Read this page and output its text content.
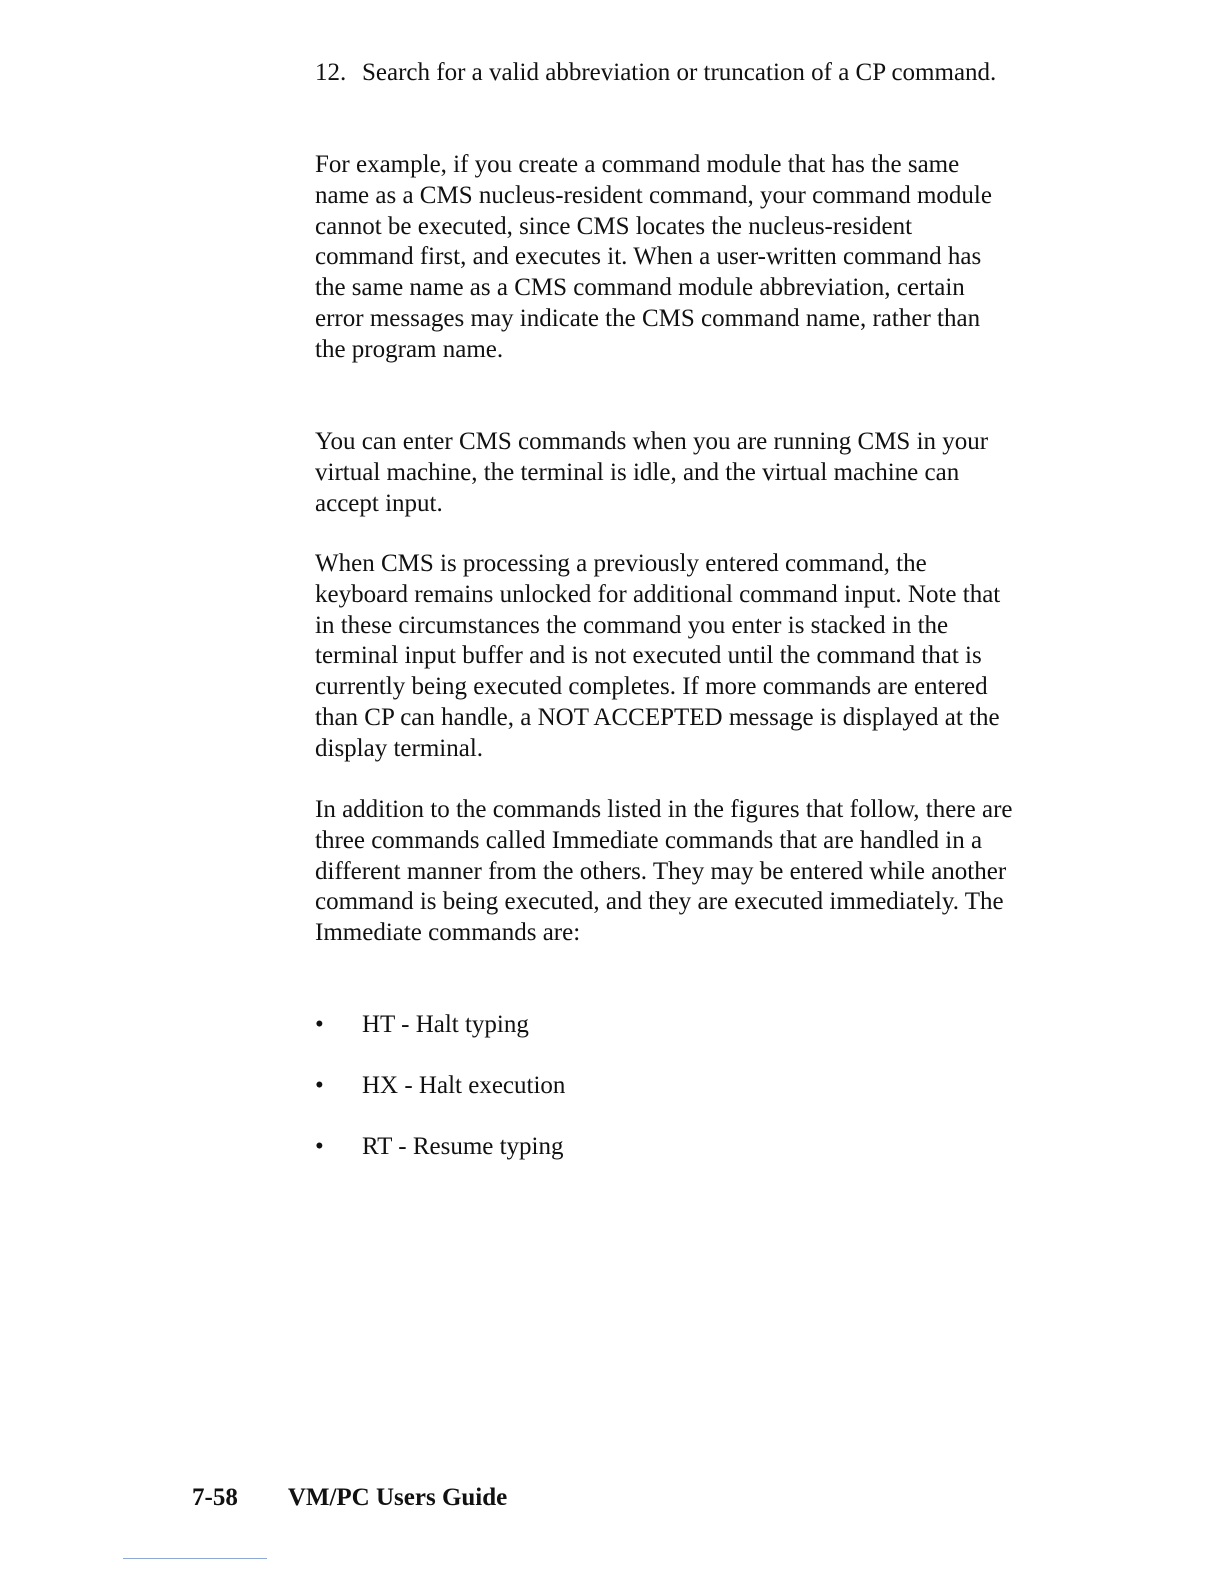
12. Search for a valid abbreviation or truncation of a CP command.

For example, if you create a command module that has the same name as a CMS nucleus-resident command, your command module cannot be executed, since CMS locates the nucleus-resident command first, and executes it. When a user-written command has the same name as a CMS command module abbreviation, certain error messages may indicate the CMS command name, rather than the program name.

You can enter CMS commands when you are running CMS in your virtual machine, the terminal is idle, and the virtual machine can accept input.

When CMS is processing a previously entered command, the keyboard remains unlocked for additional command input. Note that in these circumstances the command you enter is stacked in the terminal input buffer and is not executed until the command that is currently being executed completes. If more commands are entered than CP can handle, a NOT ACCEPTED message is displayed at the display terminal.

In addition to the commands listed in the figures that follow, there are three commands called Immediate commands that are handled in a different manner from the others. They may be entered while another command is being executed, and they are executed immediately. The Immediate commands are:

• HT - Halt typing
• HX - Halt execution
• RT - Resume typing
7-58 VM/PC Users Guide
